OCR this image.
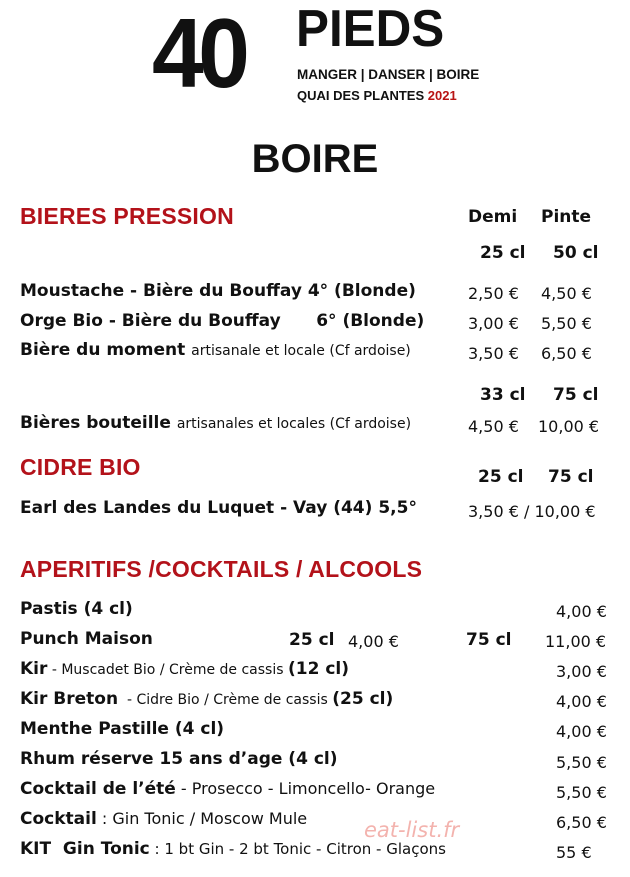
40 PIEDS
MANGER | DANSER | BOIRE
QUAI DES PLANTES 2021
BOIRE
BIERES PRESSION	Demi Pinte
25 cl 50 cl
Moustache - Bière du Bouffay 4° (Blonde)	2,50 € 4,50 €
Orge Bio - Bière du Bouffay      6° (Blonde)	3,00 € 5,50 €
Bière du moment artisanale et locale (Cf ardoise)	3,50 € 6,50 €
33 cl 75 cl
Bières bouteille artisanales et locales (Cf ardoise)	4,50 € 10,00 €
CIDRE BIO	25 cl 75 cl
Earl des Landes du Luquet - Vay (44) 5,5°	3,50 € / 10,00 €
APERITIFS /COCKTAILS / ALCOOLS
Pastis (4 cl)	4,00 €
Punch Maison	25 cl 4,00 €	75 cl 11,00 €
Kir - Muscadet Bio / Crème de cassis (12 cl)	3,00 €
Kir Breton  - Cidre Bio / Crème de cassis (25 cl)	4,00 €
Menthe Pastille (4 cl)	4,00 €
Rhum réserve 15 ans d’age (4 cl)	5,50 €
Cocktail de l’été - Prosecco - Limoncello- Orange	5,50 €
Cocktail : Gin Tonic / Moscow Mule	6,50 €
KIT  Gin Tonic : 1 bt Gin - 2 bt Tonic - Citron - Glaçons	55 €
eat-list.fr
